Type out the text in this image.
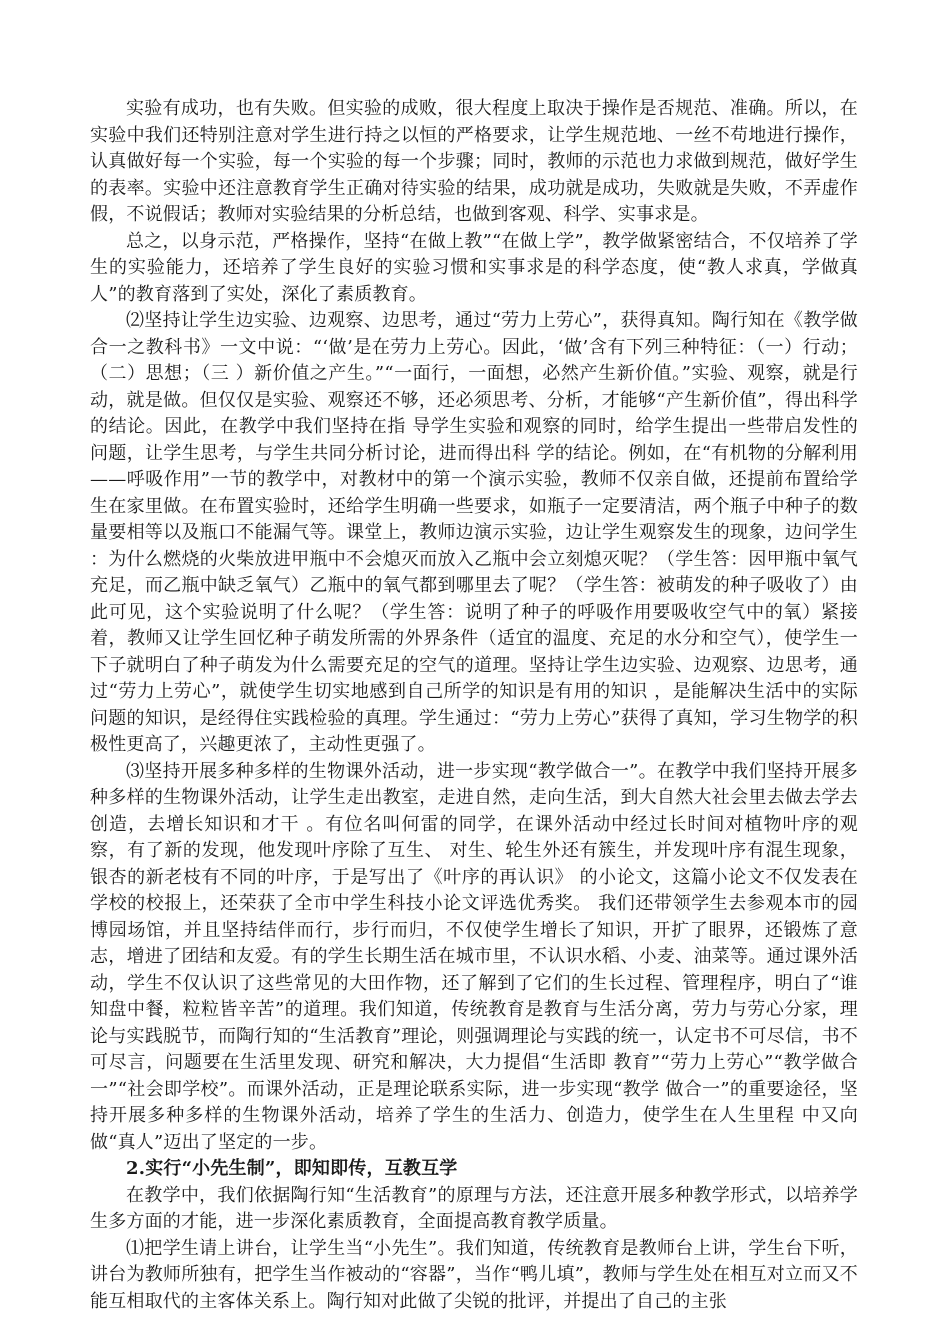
实验有成功，也有失败。但实验的成败，很大程度上取决于操作是否规范、准确。所以，在实验中我们还特别注意对学生进行持之以恒的严格要求，让学生规范地、一丝不苟地进行操作，认真做好每一个实验，每一个实验的每一个步骤；同时，教师的示范也力求做到规范，做好学生的表率。实验中还注意教育学生正确对待实验的结果，成功就是成功，失败就是失败，不弄虚作假，不说假话；教师对实验结果的分析总结，也做到客观、科学、实事求是。

总之，以身示范，严格操作，坚持“在做上教”“在做上学”，教学做紧密结合，不仅培养了学生的实验能力，还培养了学生良好的实验习惯和实事求是的科学态度，使“教人求真，学做真人”的教育落到了实处，深化了素质教育。

⑵坚持让学生边实验、边观察、边思考，通过“劳力上劳心”，获得真知。陶行知在《教学做合一之教科书》一文中说：“‘做’是在劳力上劳心。因此，‘做’含有下列三种特征：（一）行动；（二）思想；（三 ）新价值之产生。”“一面行，一面想，必然产生新价值。”实验、观察，就是行动，就是做。但仅仅是实验、观察还不够，还必须思考、分析，才能够“产生新价值”，得出科学的结论。因此，在教学中我们坚持在指 导学生实验和观察的同时，给学生提出一些带启发性的问题，让学生思考，与学生共同分析讨论，进而得出科 学的结论。例如，在“有机物的分解利用——呼吸作用”一节的教学中，对教材中的第一个演示实验，教师不仅亲自做，还提前布置给学生在家里做。在布置实验时，还给学生明确一些要求，如瓶子一定要清洁，两个瓶子中种子的数量要相等以及瓶口不能漏气等。课堂上，教师边演示实验，边让学生观察发生的现象，边问学生 ：为什么燃烧的火柴放进甲瓶中不会熄灭而放入乙瓶中会立刻熄灭呢？（学生答：因甲瓶中氧气充足，而乙瓶中缺乏氧气）乙瓶中的氧气都到哪里去了呢？（学生答：被萌发的种子吸收了）由此可见，这个实验说明了什么呢？（学生答：说明了种子的呼吸作用要吸收空气中的氧）紧接着，教师又让学生回忆种子萌发所需的外界条件（适宜的温度、充足的水分和空气），使学生一下子就明白了种子萌发为什么需要充足的空气的道理。坚持让学生边实验、边观察、边思考，通过“劳力上劳心”，就使学生切实地感到自己所学的知识是有用的知识 ，是能解决生活中的实际问题的知识，是经得住实践检验的真理。学生通过：“劳力上劳心”获得了真知，学习生物学的积极性更高了，兴趣更浓了，主动性更强了。

⑶坚持开展多种多样的生物课外活动，进一步实现“教学做合一”。在教学中我们坚持开展多种多样的生物课外活动，让学生走出教室，走进自然，走向生活，到大自然大社会里去做去学去创造，去增长知识和才干 。有位名叫何雷的同学，在课外活动中经过长时间对植物叶序的观察，有了新的发现，他发现叶序除了互生、 对生、轮生外还有簇生，并发现叶序有混生现象，银杏的新老枝有不同的叶序，于是写出了《叶序的再认识》 的小论文，这篇小论文不仅发表在学校的校报上，还荣获了全市中学生科技小论文评选优秀奖。 我们还带领学生去参观本市的园博园场馆，并且坚持结伴而行，步行而归，不仅使学生增长了知识，开扩了眼界，还锻炼了意志，增进了团结和友爱。有的学生长期生活在城市里，不认识水稻、小麦、油菜等。通过课外活动，学生不仅认识了这些常见的大田作物，还了解到了它们的生长过程、管理程序，明白了“谁知盘中餐，粒粒皆辛苦”的道理。我们知道，传统教育是教育与生活分离，劳力与劳心分家，理论与实践脱节，而陶行知的“生活教育”理论，则强调理论与实践的统一，认定书不可尽信，书不可尽言，问题要在生活里发现、研究和解决，大力提倡“生活即 教育”“劳力上劳心”“教学做合一”“社会即学校”。而课外活动，正是理论联系实际，进一步实现“教学 做合一”的重要途径，坚持开展多种多样的生物课外活动，培养了学生的生活力、创造力，使学生在人生里程 中又向做“真人”迈出了坚定的一步。

2.实行“小先生制”，即知即传，互教互学

在教学中，我们依据陶行知“生活教育”的原理与方法，还注意开展多种教学形式，以培养学生多方面的才能，进一步深化素质教育，全面提高教育教学质量。

⑴把学生请上讲台，让学生当“小先生”。我们知道，传统教育是教师台上讲，学生台下听，讲台为教师所独有，把学生当作被动的“容器”，当作“鸭儿填”，教师与学生处在相互对立而又不能互相取代的主客体关系上。陶行知对此做了尖锐的批评，并提出了自己的主张
